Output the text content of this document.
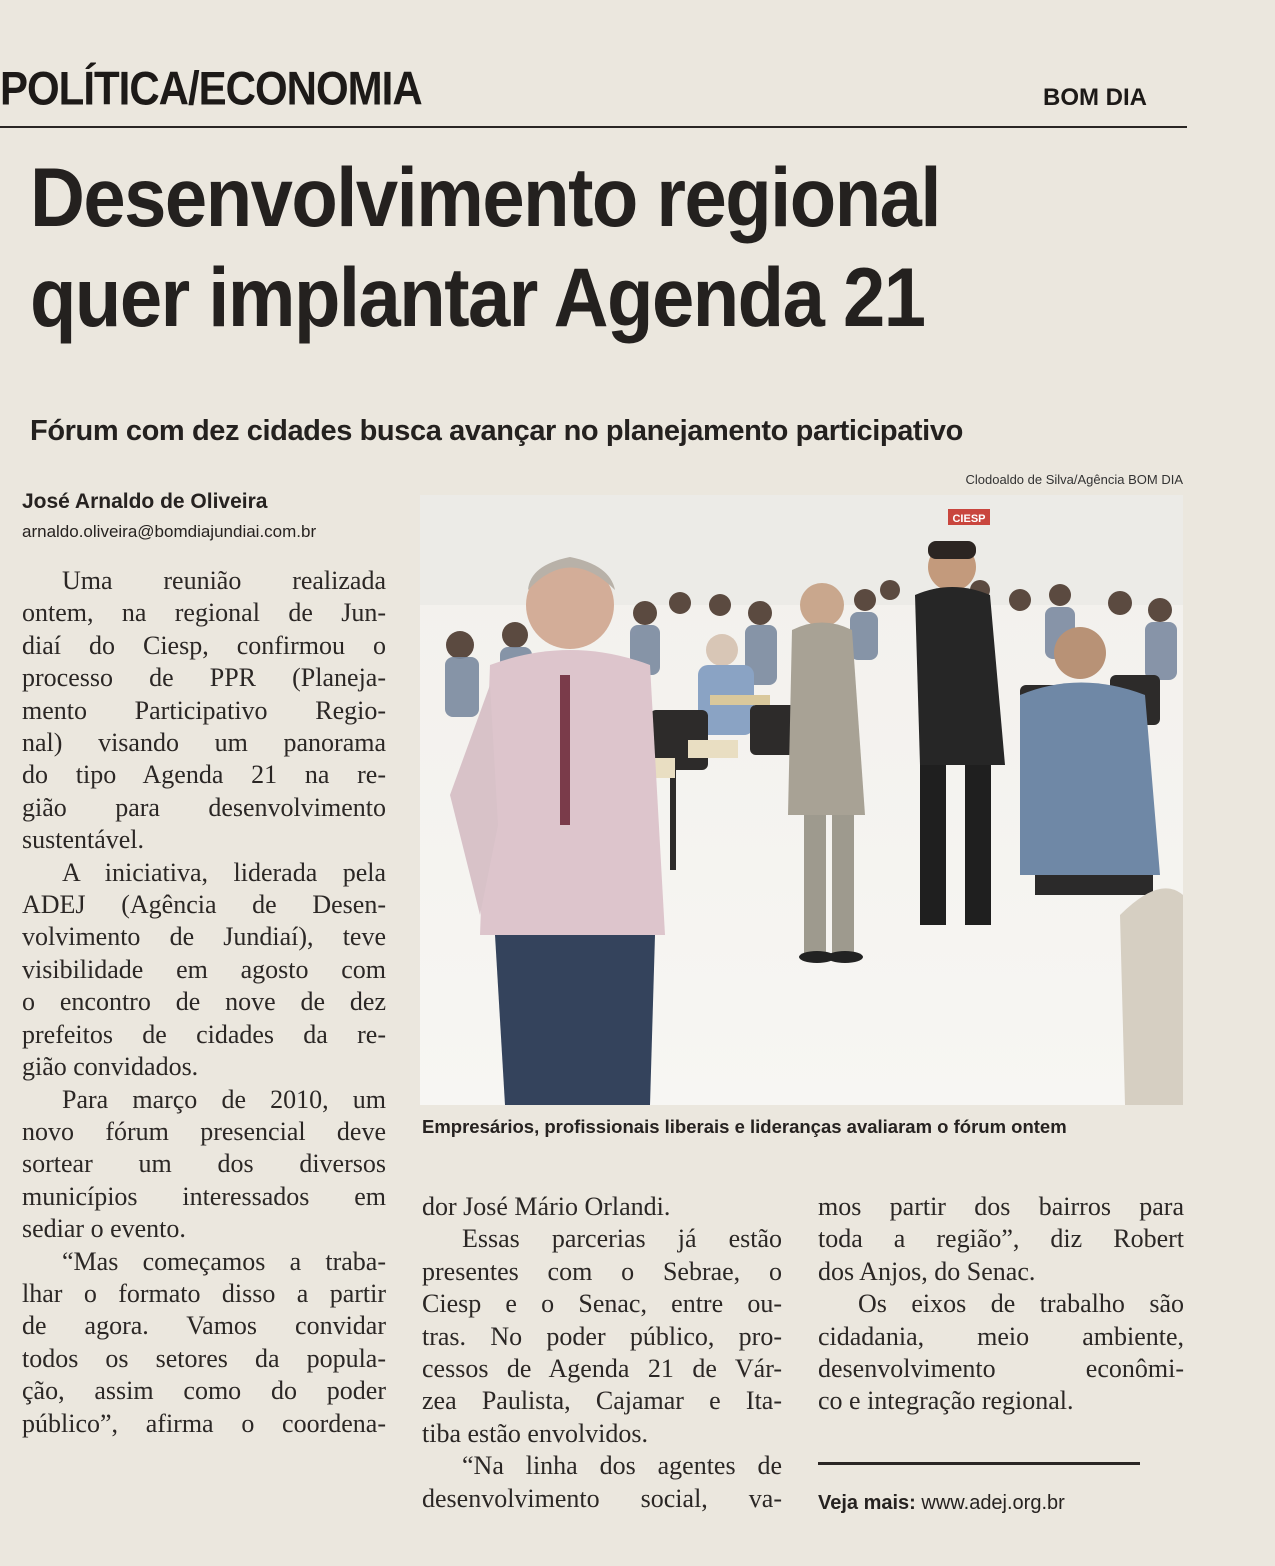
POLÍTICA/ECONOMIA	BOM DIA
Desenvolvimento regional
quer implantar Agenda 21
Fórum com dez cidades busca avançar no planejamento participativo
Clodoaldo de Silva/Agência BOM DIA
José Arnaldo de Oliveira
arnaldo.oliveira@bomdiajundiai.com.br
CIESP
Empresários, profissionais liberais e lideranças avaliaram o fórum ontem
Uma reunião realizada
ontem, na regional de Jun-
diaí do Ciesp, confirmou o
processo de PPR (Planeja-
mento Participativo Regio-
nal) visando um panorama
do tipo Agenda 21 na re-
gião para desenvolvimento
sustentável.
A iniciativa, liderada pela
ADEJ (Agência de Desen-
volvimento de Jundiaí), teve
visibilidade em agosto com
o encontro de nove de dez
prefeitos de cidades da re-
gião convidados.
Para março de 2010, um
novo fórum presencial deve
sortear um dos diversos
municípios interessados em
sediar o evento.
“Mas começamos a traba-
lhar o formato disso a partir
de agora. Vamos convidar
todos os setores da popula-
ção, assim como do poder
público”, afirma o coordena-
dor José Mário Orlandi.
Essas parcerias já estão
presentes com o Sebrae, o
Ciesp e o Senac, entre ou-
tras. No poder público, pro-
cessos de Agenda 21 de Vár-
zea Paulista, Cajamar e Ita-
tiba estão envolvidos.
“Na linha dos agentes de
desenvolvimento social, va-
mos partir dos bairros para
toda a região”, diz Robert
dos Anjos, do Senac.
Os eixos de trabalho são
cidadania, meio ambiente,
desenvolvimento econômi-
co e integração regional.
Veja mais: www.adej.org.br
